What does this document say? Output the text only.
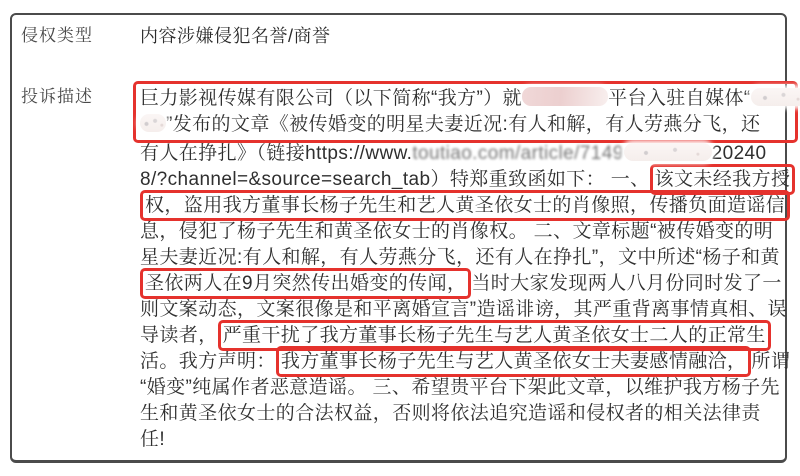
侵权类型	内容涉嫌侵犯名誉/商誉
投诉描述	巨力影视传媒有限公司（以下简称“我方”）就	平台入驻自媒体“
”发布的文章《被传婚变的明星夫妻近况:有人和解，有人劳燕分飞，还
有人在挣扎》（链接https://www.toutiao.com/article/7149	20240
8/?channel=&source=search_tab）特郑重致函如下： 一、 该文未经我方授
权，盗用我方董事长杨子先生和艺人黄圣依女士的肖像照，传播负面造谣信
息，侵犯了杨子先生和黄圣依女士的肖像权。 二、文章标题“被传婚变的明
星夫妻近况:有人和解，有人劳燕分飞，还有人在挣扎”，文中所述“杨子和黄
圣依两人在9月突然传出婚变的传闻， 当时大家发现两人八月份同时发了一
则文案动态，文案很像是和平离婚宣言”造谣诽谤，其严重背离事情真相、误
导读者， 严重干扰了我方董事长杨子先生与艺人黄圣依女士二人的正常生
活。我方声明： 我方董事长杨子先生与艺人黄圣依女士夫妻感情融洽， 所谓
“婚变”纯属作者恶意造谣。 三、希望贵平台下架此文章，以维护我方杨子先
生和黄圣依女士的合法权益，否则将依法追究造谣和侵权者的相关法律责
任!
